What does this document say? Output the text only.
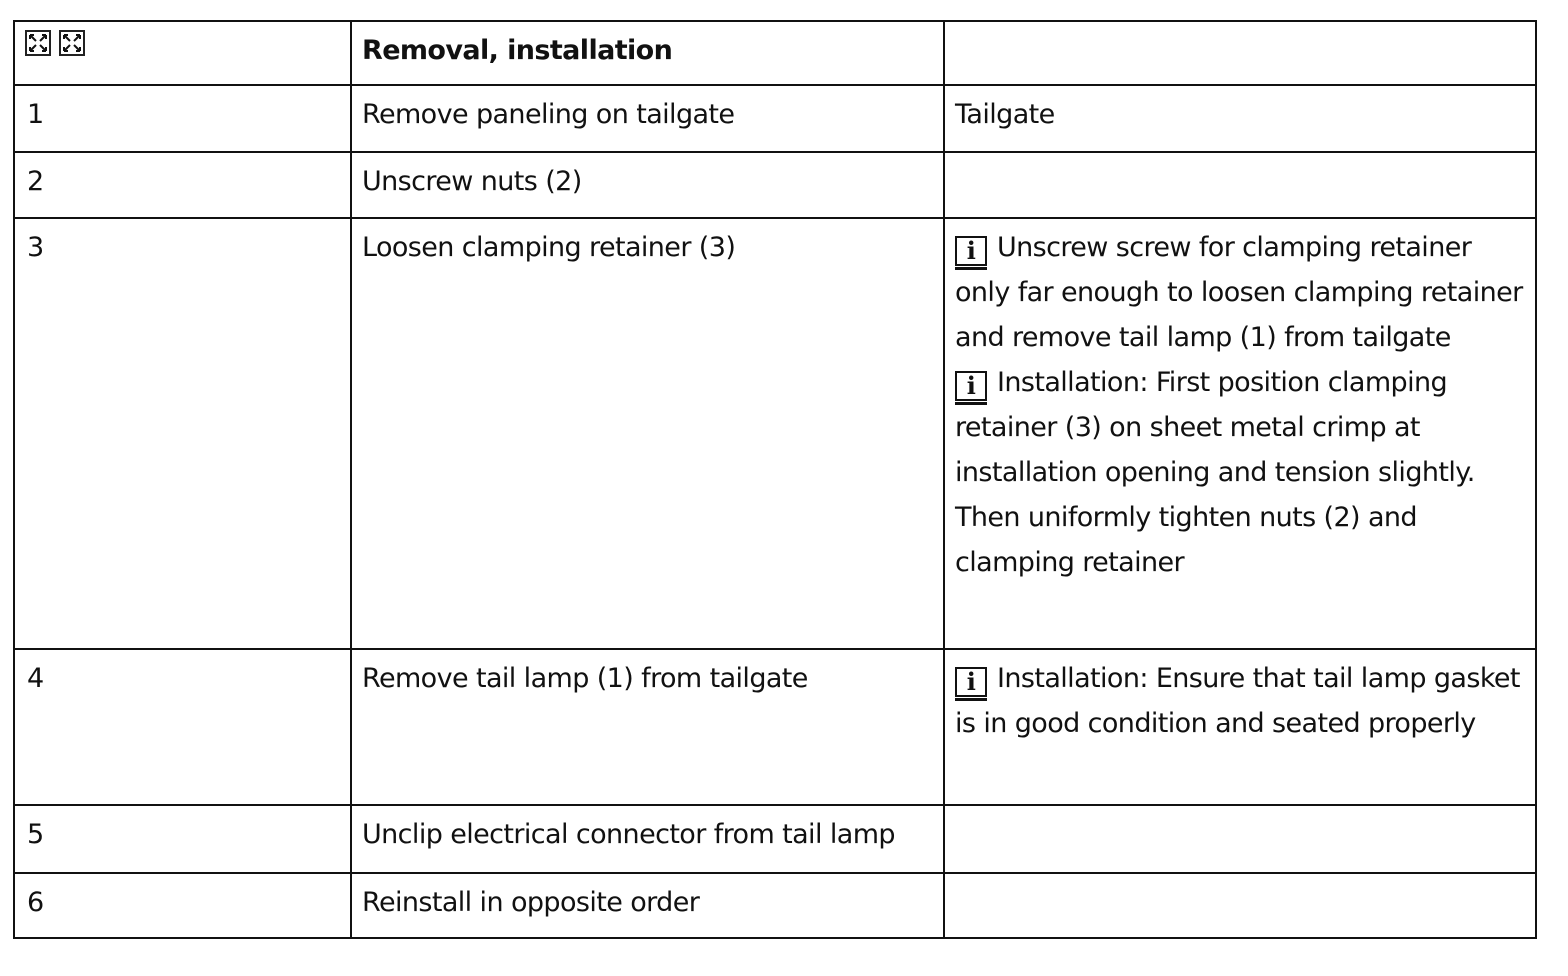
Removal, installation	

1	Remove paneling on tailgate	Tailgate

2	Unscrew nuts (2)	

3	Loosen clamping retainer (3)	i Unscrew screw for clamping retainer only far enough to loosen clamping retainer and remove tail lamp (1) from tailgate
i Installation: First position clamping retainer (3) on sheet metal crimp at installation opening and tension slightly. Then uniformly tighten nuts (2) and clamping retainer

4	Remove tail lamp (1) from tailgate	i Installation: Ensure that tail lamp gasket is in good condition and seated properly

5	Unclip electrical connector from tail lamp	

6	Reinstall in opposite order	
